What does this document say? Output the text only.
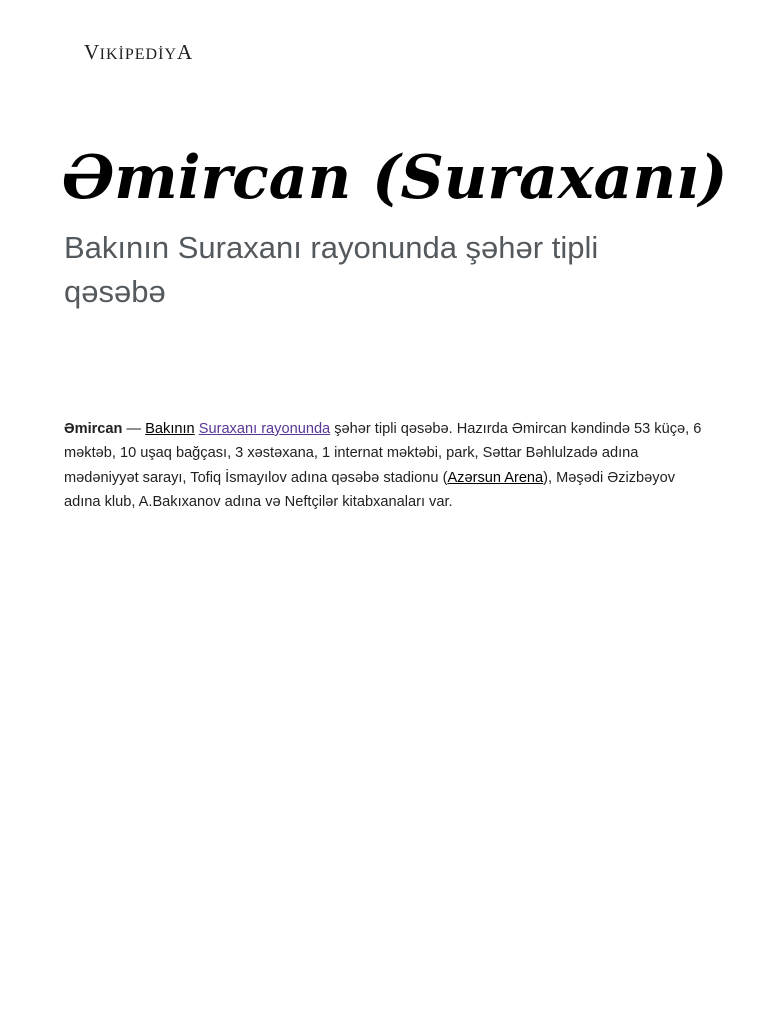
VIKİPEDİYA
Əmircan (Suraxanı)
Bakının Suraxanı rayonunda şəhər tipli qəsəbə

Əmircan — Bakının Suraxanı rayonunda şəhər tipli qəsəbə. Hazırda Əmircan kəndində 53 küçə, 6 məktəb, 10 uşaq bağçası, 3 xəstəxana, 1 internat məktəbi, park, Səttar Bəhlulzadə adına mədəniyyət sarayı, Tofiq İsmayılov adına qəsəbə stadionu (Azərsun Arena), Məşədi Əzizbəyov adına klub, A.Bakıxanov adına və Neftçilər kitabxanaları var.
